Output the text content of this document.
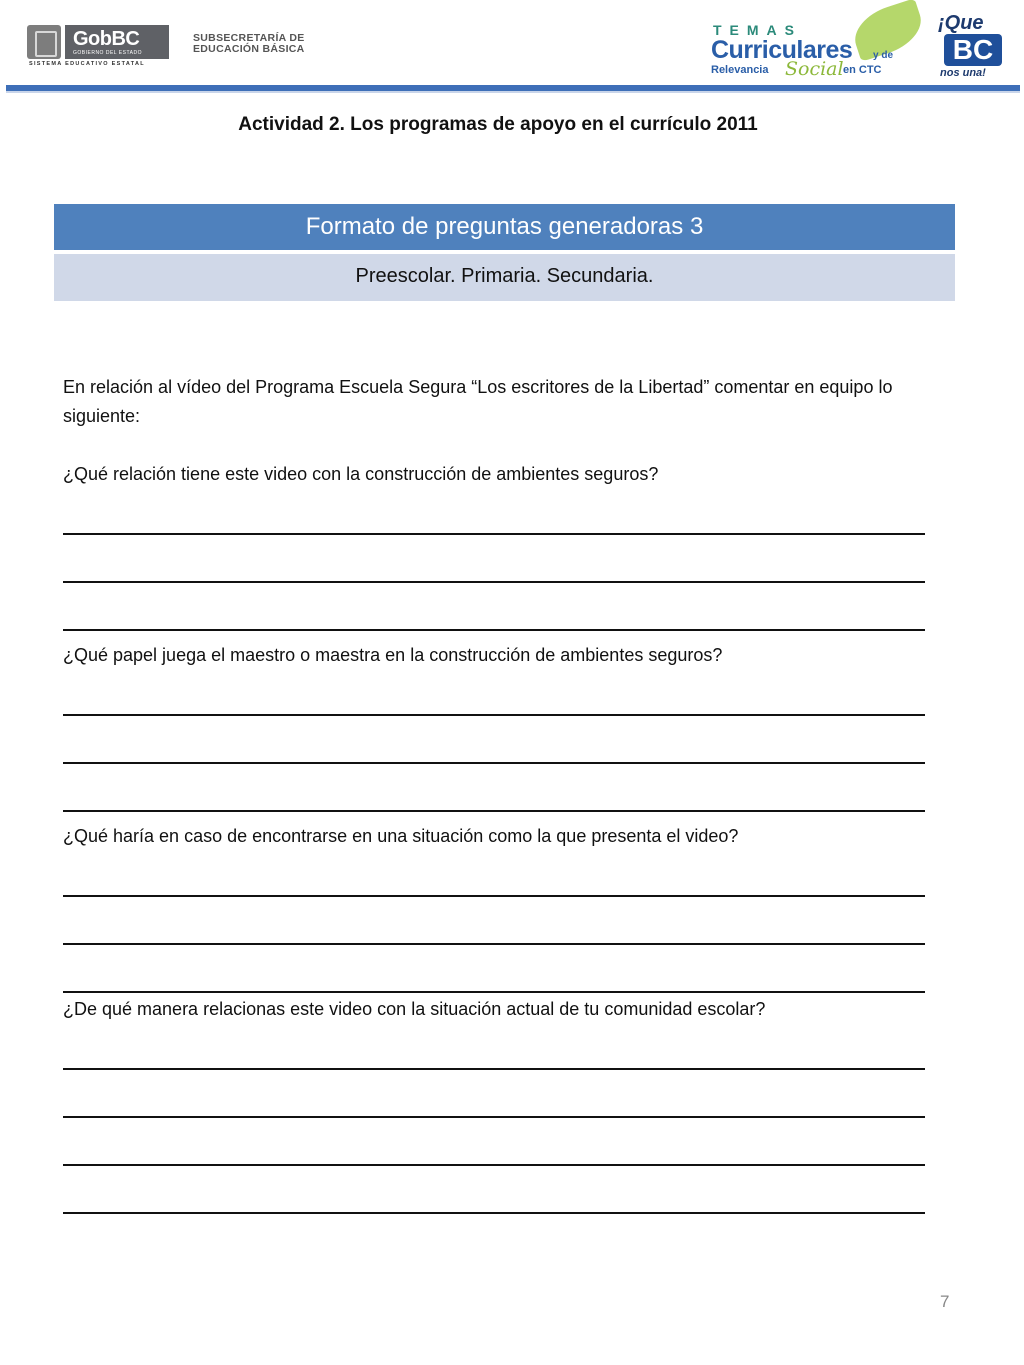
GobBC
GOBIERNO DEL ESTADO
SISTEMA EDUCATIVO ESTATAL
SUBSECRETARÍA DE
EDUCACIÓN BÁSICA
TEMAS
Curriculares y de
Relevancia Social en CTC
¡Que
BC
nos una!
Actividad 2. Los programas de apoyo en el currículo 2011
Formato de preguntas generadoras 3
Preescolar. Primaria. Secundaria.

En relación al vídeo del Programa Escuela Segura “Los escritores de la Libertad” comentar en equipo lo siguiente:

¿Qué relación tiene este video con la construcción de ambientes seguros?

¿Qué papel juega el maestro o maestra en la construcción de ambientes seguros?

¿Qué haría en caso de encontrarse en una situación como la que presenta el video?

¿De qué manera relacionas este video con la situación actual de tu comunidad escolar?

7
